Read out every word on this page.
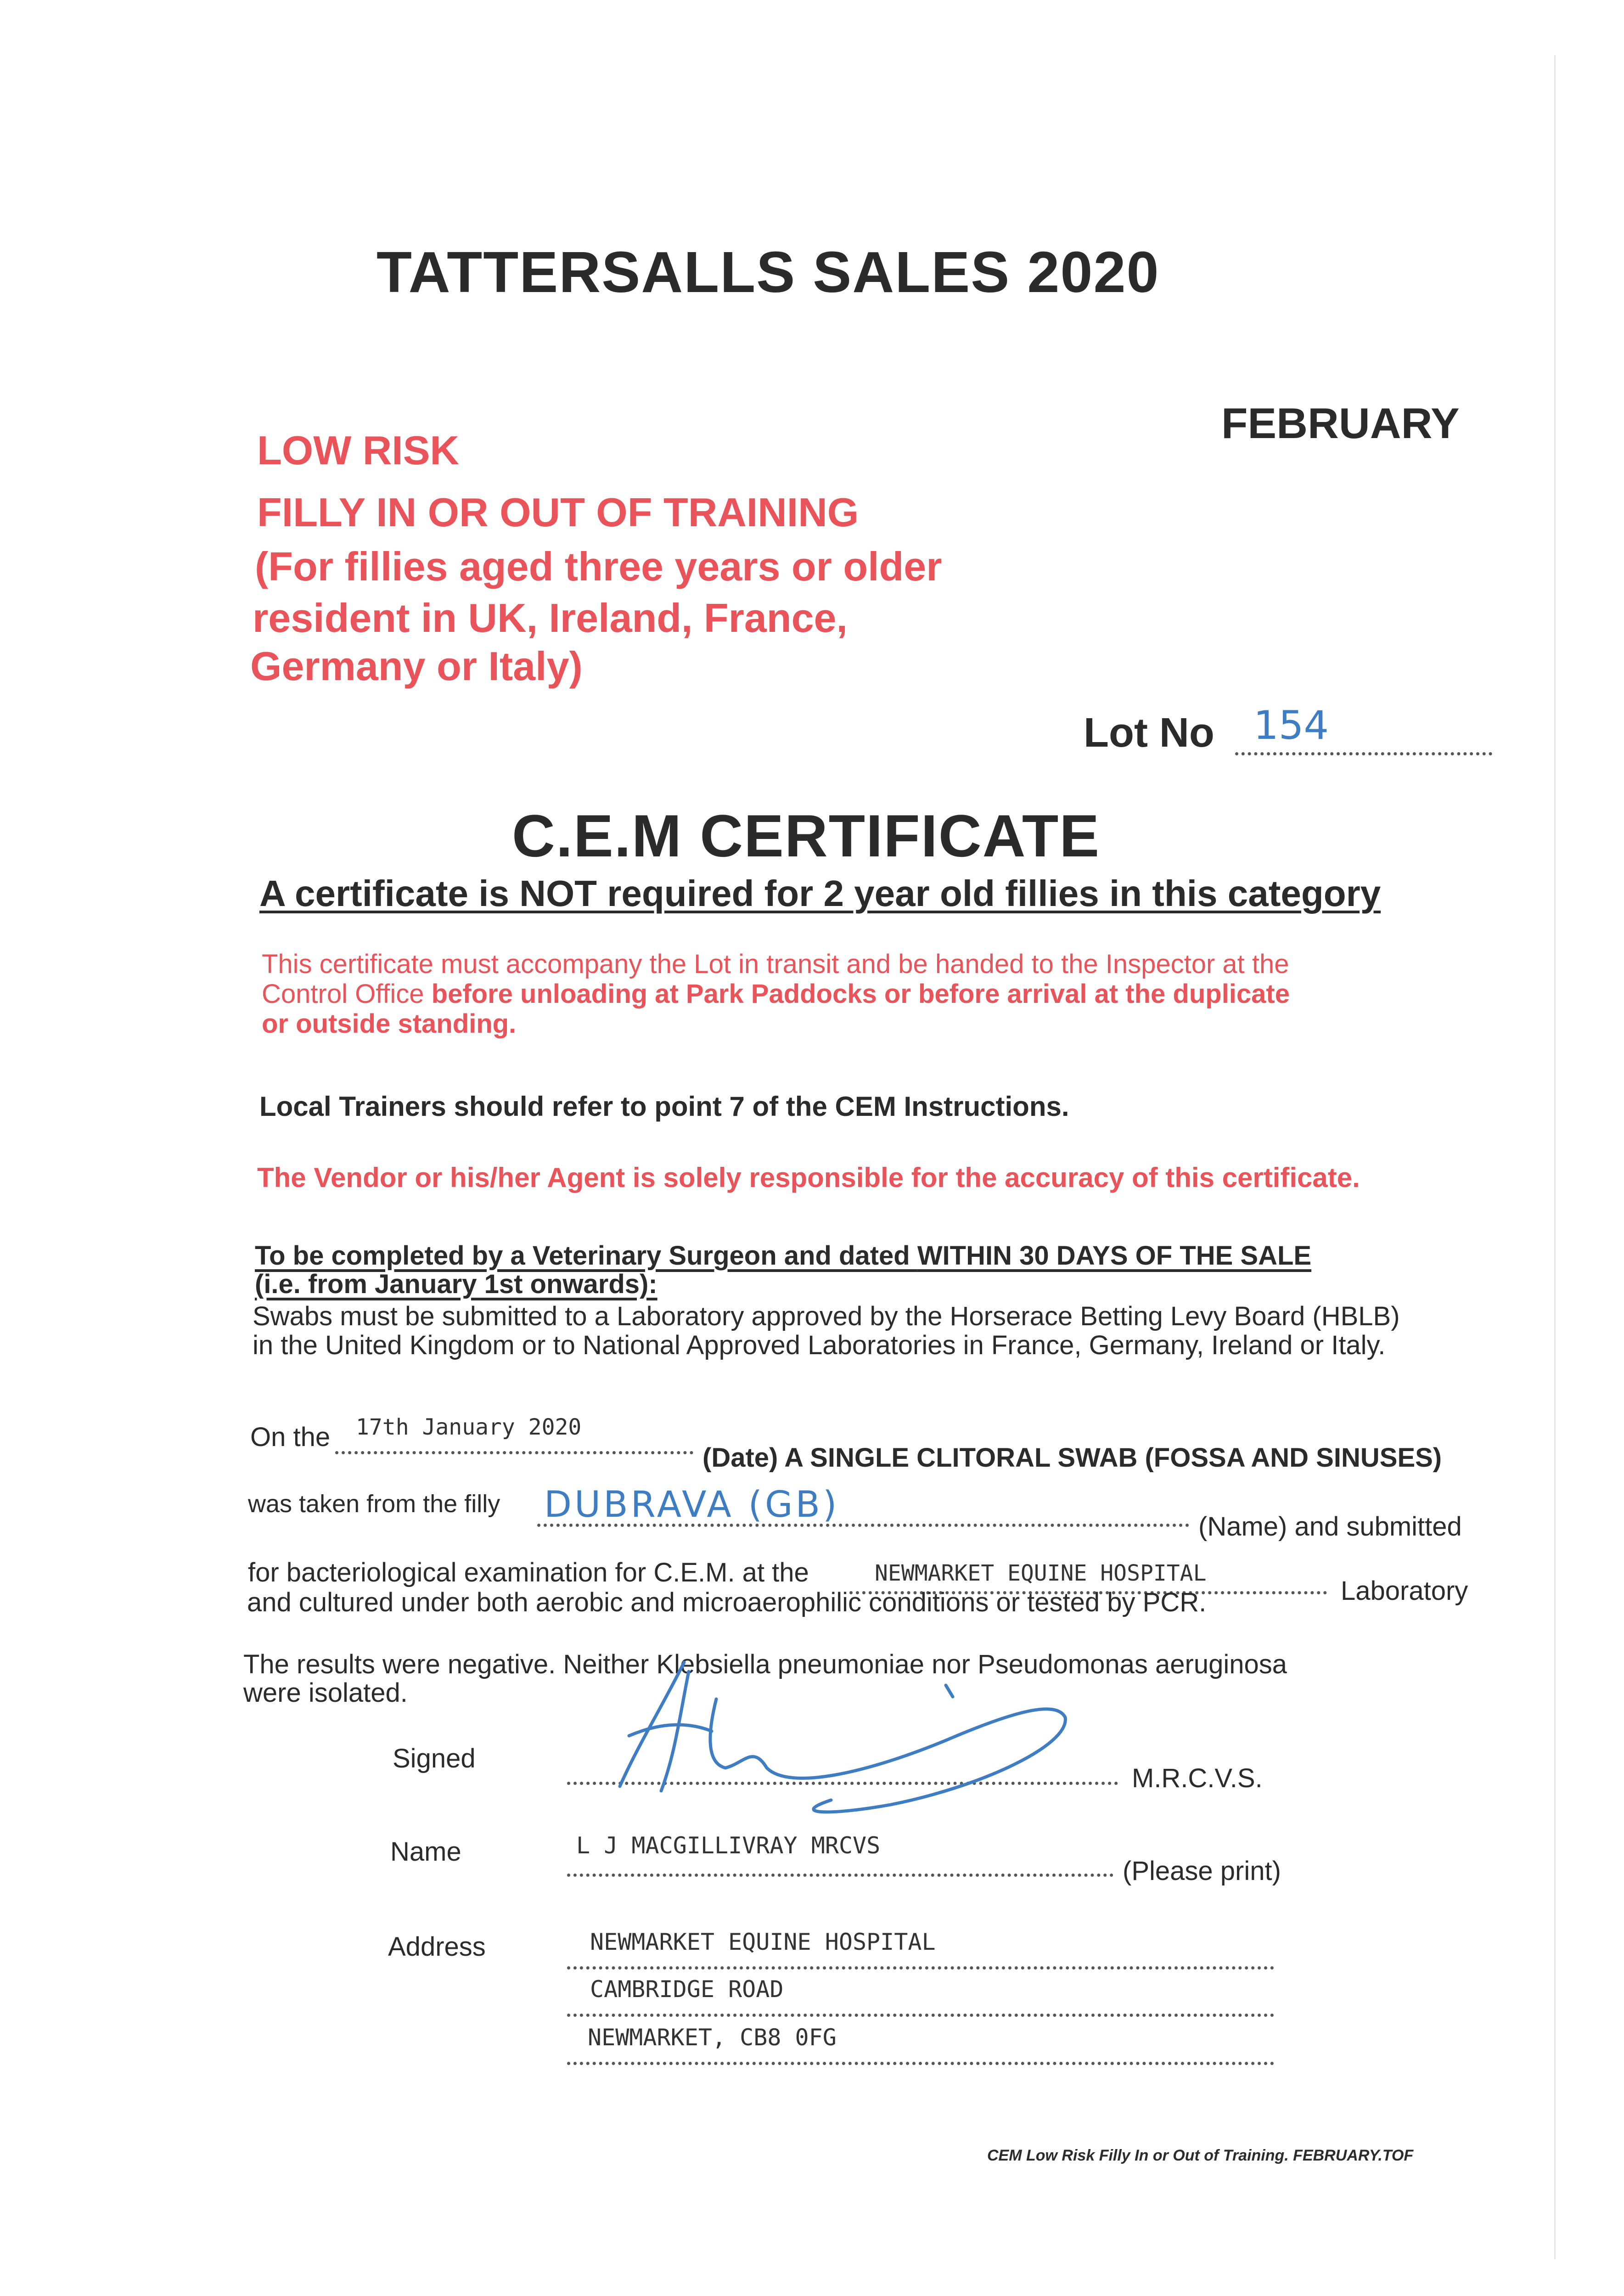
TATTERSALLS SALES 2020
FEBRUARY
LOW RISK
FILLY IN OR OUT OF TRAINING
(For fillies aged three years or older
resident in UK, Ireland, France,
Germany or Italy)
Lot No 154
C.E.M CERTIFICATE
A certificate is NOT required for 2 year old fillies in this category
This certificate must accompany the Lot in transit and be handed to the Inspector at the
Control Office before unloading at Park Paddocks or before arrival at the duplicate
or outside standing.
Local Trainers should refer to point 7 of the CEM Instructions.
The Vendor or his/her Agent is solely responsible for the accuracy of this certificate.
To be completed by a Veterinary Surgeon and dated WITHIN 30 DAYS OF THE SALE
(i.e. from January 1st onwards):
Swabs must be submitted to a Laboratory approved by the Horserace Betting Levy Board (HBLB)
in the United Kingdom or to National Approved Laboratories in France, Germany, Ireland or Italy.
On the 17th January 2020
(Date) A SINGLE CLITORAL SWAB (FOSSA AND SINUSES)
was taken from the filly DUBRAVA (GB)
(Name) and submitted
for bacteriological examination for C.E.M. at the	NEWMARKET EQUINE HOSPITAL
Laboratory
and cultured under both aerobic and microaerophilic conditions or tested by PCR.
The results were negative. Neither Klebsiella pneumoniae nor Pseudomonas aeruginosa
were isolated.
Signed
M.R.C.V.S.
Name	L J MACGILLIVRAY MRCVS
(Please print)
Address	NEWMARKET EQUINE HOSPITAL
CAMBRIDGE ROAD
NEWMARKET, CB8 0FG
CEM Low Risk Filly In or Out of Training. FEBRUARY.TOF
